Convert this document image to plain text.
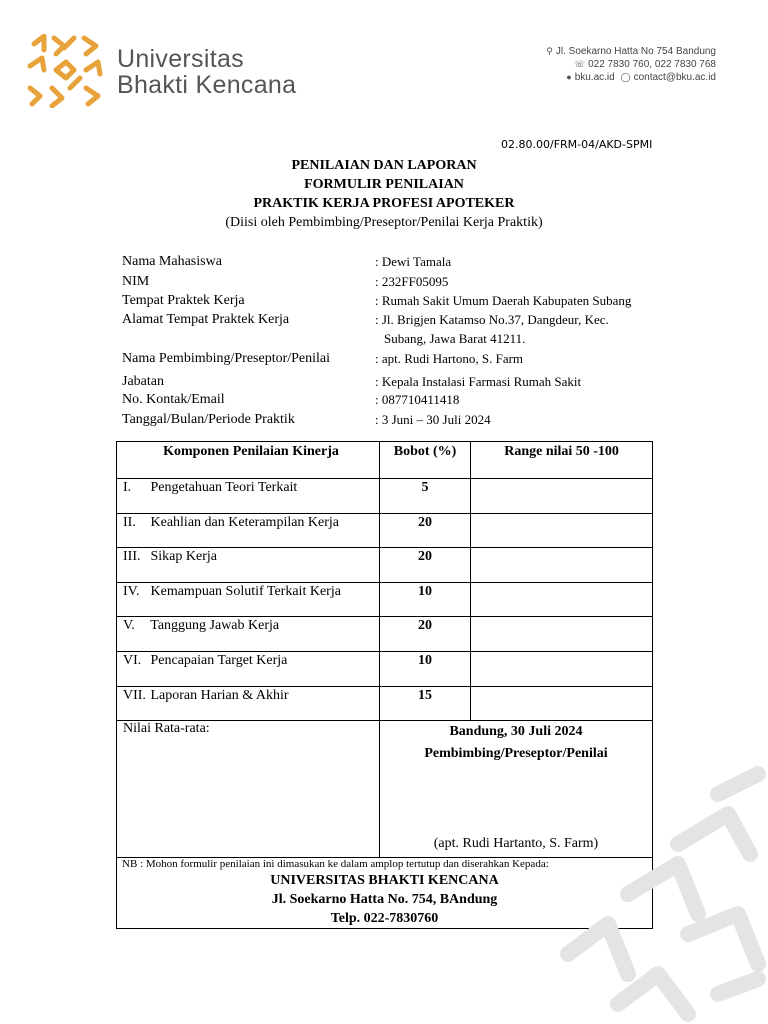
Universitas
Bhakti Kencana
⚲ Jl. Soekarno Hatta No 754 Bandung
☏ 022 7830 760, 022 7830 768
● bku.ac.id ◯ contact@bku.ac.id
02.80.00/FRM-04/AKD-SPMI
PENILAIAN DAN LAPORAN
FORMULIR PENILAIAN
PRAKTIK KERJA PROFESI APOTEKER
(Diisi oleh Pembimbing/Preseptor/Penilai Kerja Praktik)
Nama Mahasiswa	: Dewi Tamala
NIM	: 232FF05095
Tempat Praktek Kerja	: Rumah Sakit Umum Daerah Kabupaten Subang
Alamat Tempat Praktek Kerja	: Jl. Brigjen Katamso No.37, Dangdeur, Kec.
Subang, Jawa Barat 41211.
Nama Pembimbing/Preseptor/Penilai	: apt. Rudi Hartono, S. Farm
Jabatan	: Kepala Instalasi Farmasi Rumah Sakit
No. Kontak/Email	: 087710411418
Tanggal/Bulan/Periode Praktik	: 3 Juni – 30 Juli 2024
Komponen Penilaian Kinerja	Bobot (%)	Range nilai 50 -100
I. Pengetahuan Teori Terkait	5	
II. Keahlian dan Keterampilan Kerja	20	
III. Sikap Kerja	20	
IV. Kemampuan Solutif Terkait Kerja	10	
V. Tanggung Jawab Kerja	20	
VI. Pencapaian Target Kerja	10	
VII. Laporan Harian & Akhir	15	
Nilai Rata-rata:	Bandung, 30 Juli 2024
Pembimbing/Preseptor/Penilai
(apt. Rudi Hartanto, S. Farm)	

NB : Mohon formulir penilaian ini dimasukan ke dalam amplop tertutup dan diserahkan Kepada:
UNIVERSITAS BHAKTI KENCANA
Jl. Soekarno Hatta No. 754, BAndung
Telp. 022-7830760		
